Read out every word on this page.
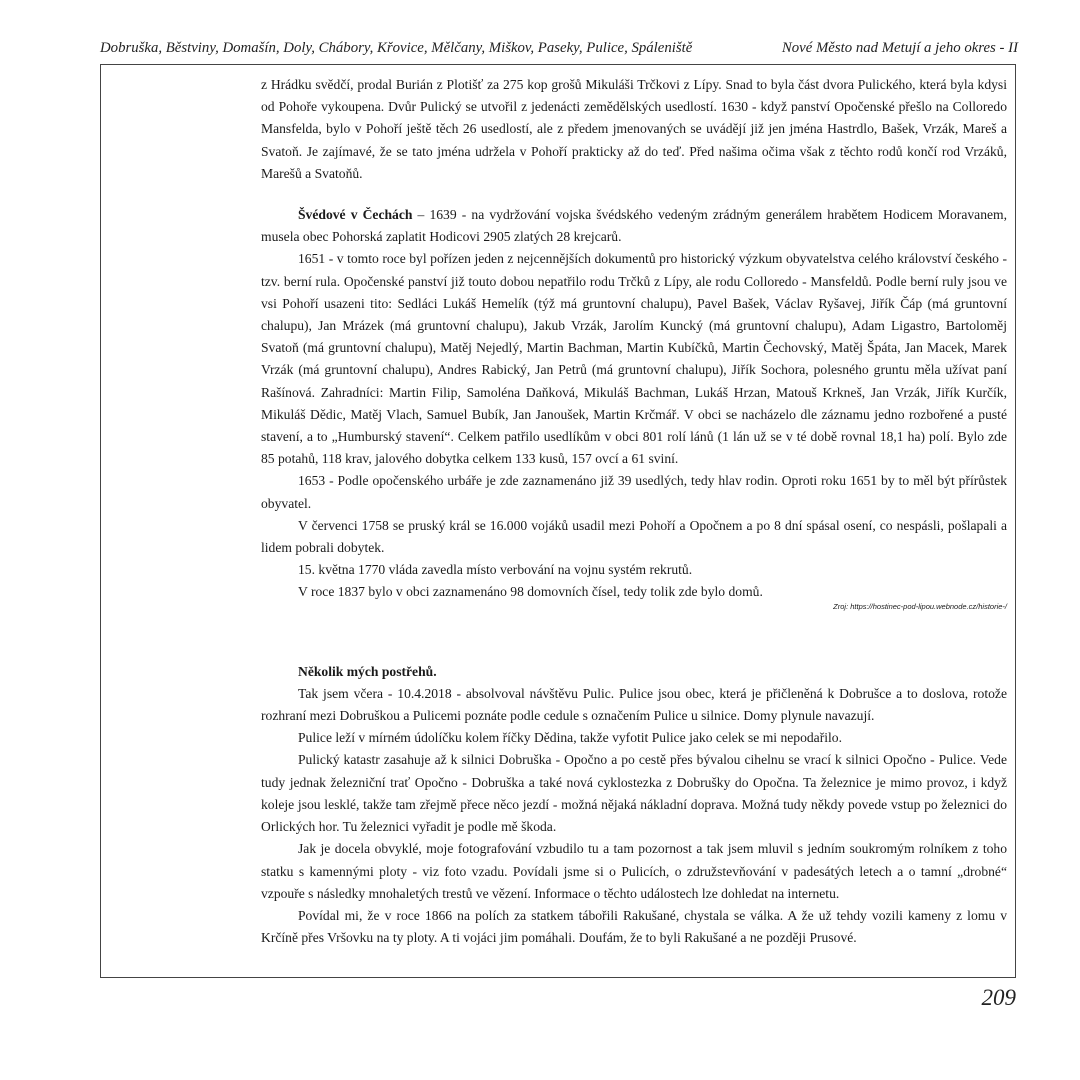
Dobruška, Běstviny, Domašín, Doly, Chábory, Křovice, Mělčany, Miškov, Paseky, Pulice, Spáleniště	Nové Město nad Metují a jeho okres - II

z Hrádku svědčí, prodal Burián z Plotišť za 275 kop grošů Mikuláši Trčkovi z Lípy. Snad to byla část dvora Pulického, která byla kdysi od Pohoře vykoupena. Dvůr Pulický se utvořil z jedenácti zemědělských usedlostí. 1630 - když panství Opočenské přešlo na Colloredo Mansfelda, bylo v Pohoří ještě těch 26 usedlostí, ale z předem jmenovaných se uvádějí již jen jména Hastrdlo, Bašek, Vrzák, Mareš a Svatoň. Je zajímavé, že se tato jména udržela v Pohoří prakticky až do teď. Před našima očima však z těchto rodů končí rod Vrzáků, Marešů a Svatoňů.

Švédové v Čechách – 1639 - na vydržování vojska švédského vedeným zrádným generálem hrabětem Hodicem Moravanem, musela obec Pohorská zaplatit Hodicovi 2905 zlatých 28 krejcarů.

1651 - v tomto roce byl pořízen jeden z nejcennějších dokumentů pro historický výzkum obyvatelstva celého království českého - tzv. berní rula. Opočenské panství již touto dobou nepatřilo rodu Trčků z Lípy, ale rodu Colloredo - Mansfeldů. Podle berní ruly jsou ve vsi Pohoří usazeni tito: Sedláci Lukáš Hemelík (týž má gruntovní chalupu), Pavel Bašek, Václav Ryšavej, Jiřík Čáp (má gruntovní chalupu), Jan Mrázek (má gruntovní chalupu), Jakub Vrzák, Jarolím Kuncký (má gruntovní chalupu), Adam Ligastro, Bartoloměj Svatoň (má gruntovní chalupu), Matěj Nejedlý, Martin Bachman, Martin Kubíčků, Martin Čechovský, Matěj Špáta, Jan Macek, Marek Vrzák (má gruntovní chalupu), Andres Rabický, Jan Petrů (má gruntovní chalupu), Jiřík Sochora, polesného gruntu měla užívat paní Rašínová. Zahradníci: Martin Filip, Samoléna Daňková, Mikuláš Bachman, Lukáš Hrzan, Matouš Krkneš, Jan Vrzák, Jiřík Kurčík, Mikuláš Dědic, Matěj Vlach, Samuel Bubík, Jan Janoušek, Martin Krčmář. V obci se nacházelo dle záznamu jedno rozbořené a pusté stavení, a to „Humburský stavení“. Celkem patřilo usedlíkům v obci 801 rolí lánů (1 lán už se v té době rovnal 18,1 ha) polí. Bylo zde 85 potahů, 118 krav, jalového dobytka celkem 133 kusů, 157 ovcí a 61 sviní.

1653 - Podle opočenského urbáře je zde zaznamenáno již 39 usedlých, tedy hlav rodin. Oproti roku 1651 by to měl být přírůstek obyvatel.

V červenci 1758 se pruský král se 16.000 vojáků usadil mezi Pohoří a Opočnem a po 8 dní spásal osení, co nespásli, pošlapali a lidem pobrali dobytek.

15. května 1770 vláda zavedla místo verbování na vojnu systém rekrutů.

V roce 1837 bylo v obci zaznamenáno 98 domovních čísel, tedy tolik zde bylo domů.

Zroj: https://hostinec-pod-lipou.webnode.cz/historie-/

Několik mých postřehů.

Tak jsem včera - 10.4.2018 - absolvoval návštěvu Pulic. Pulice jsou obec, která je přičleněná k Dobrušce a to doslova, rotože rozhraní mezi Dobruškou a Pulicemi poznáte podle cedule s označením Pulice u silnice. Domy plynule navazují.

Pulice leží v mírném údolíčku kolem říčky Dědina, takže vyfotit Pulice jako celek se mi nepodařilo.

Pulický katastr zasahuje až k silnici Dobruška - Opočno a po cestě přes bývalou cihelnu se vrací k silnici Opočno - Pulice. Vede tudy jednak železniční trať Opočno - Dobruška a také nová cyklostezka z Dobrušky do Opočna. Ta železnice je mimo provoz, i když koleje jsou lesklé, takže tam zřejmě přece něco jezdí - možná nějaká nákladní doprava. Možná tudy někdy povede vstup po železnici do Orlických hor. Tu železnici vyřadit je podle mě škoda.

Jak je docela obvyklé, moje fotografování vzbudilo tu a tam pozornost a tak jsem mluvil s jedním soukromým rolníkem z toho statku s kamennými ploty - viz foto vzadu. Povídali jsme si o Pulicích, o združstevňování v padesátých letech a o tamní „drobné“ vzpouře s následky mnohaletých trestů ve vězení. Informace o těchto událostech lze dohledat na internetu.

Povídal mi, že v roce 1866 na polích za statkem tábořili Rakušané, chystala se válka. A že už tehdy vozili kameny z lomu v Krčíně přes Vršovku na ty ploty. A ti vojáci jim pomáhali. Doufám, že to byli Rakušané a ne později Prusové.

209
